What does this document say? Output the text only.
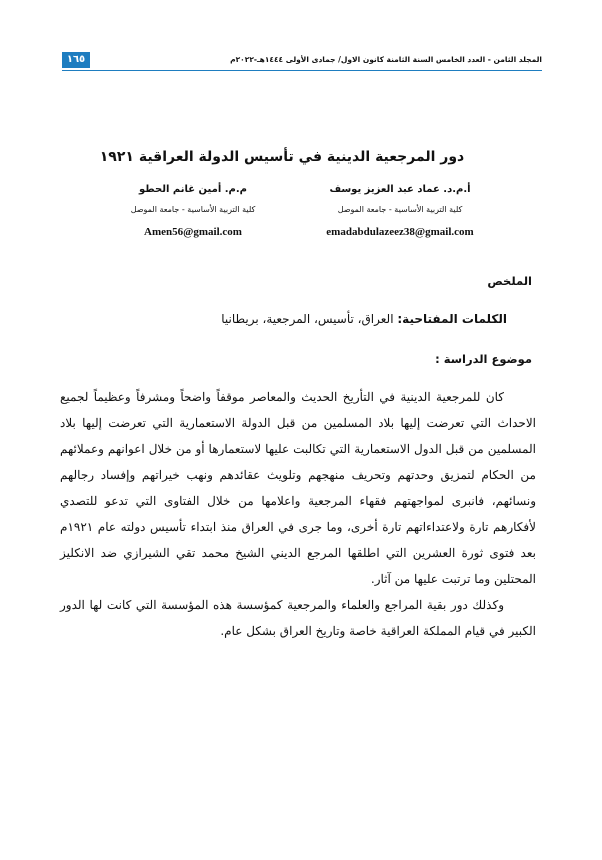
١٦٥	المجلد الثامن - العدد الخامس السنة الثامنة كانون الاول/ جمادى الأولى ١٤٤٤هـ-٢٠٢٢م
دور المرجعية الدينية في تأسيس الدولة العراقية ١٩٢١
أ.م.د. عماد عبد العزيز يوسف
كلية التربية الأساسية - جامعة الموصل
emadabdulazeez38@gmail.com
م.م. أمين غانم الحطو
كلية التربية الأساسية - جامعة الموصل
Amen56@gmail.com
الملخص
الكلمات المفتاحية: العراق، تأسيس، المرجعية، بريطانيا
موضوع الدراسة :

كان للمرجعية الدينية في التأريخ الحديث والمعاصر موقفاً واضحاً ومشرفاً وعظيماً لجميع الاحداث التي تعرضت إليها بلاد المسلمين من قبل الدولة الاستعمارية التي تعرضت إليها بلاد المسلمين من قبل الدول الاستعمارية التي تكالبت عليها لاستعمارها أو من خلال اعوانهم وعملائهم من الحكام لتمزيق وحدتهم وتحريف منهجهم وتلويث عقائدهم ونهب خيراتهم وإفساد رجالهم ونسائهم، فانبرى لمواجهتهم فقهاء المرجعية واعلامها من خلال الفتاوى التي تدعو للتصدي لأفكارهم تارة ولاعتداءاتهم تارة أخرى، وما جرى في العراق منذ ابتداء تأسيس دولته عام ١٩٢١م بعد فتوى ثورة العشرين التي اطلقها المرجع الديني الشيخ محمد تقي الشيرازي ضد الانكليز المحتلين وما ترتبت عليها من آثار.

وكذلك دور بقية المراجع والعلماء والمرجعية كمؤسسة هذه المؤسسة التي كانت لها الدور الكبير في قيام المملكة العراقية خاصة وتاريخ العراق بشكل عام.
